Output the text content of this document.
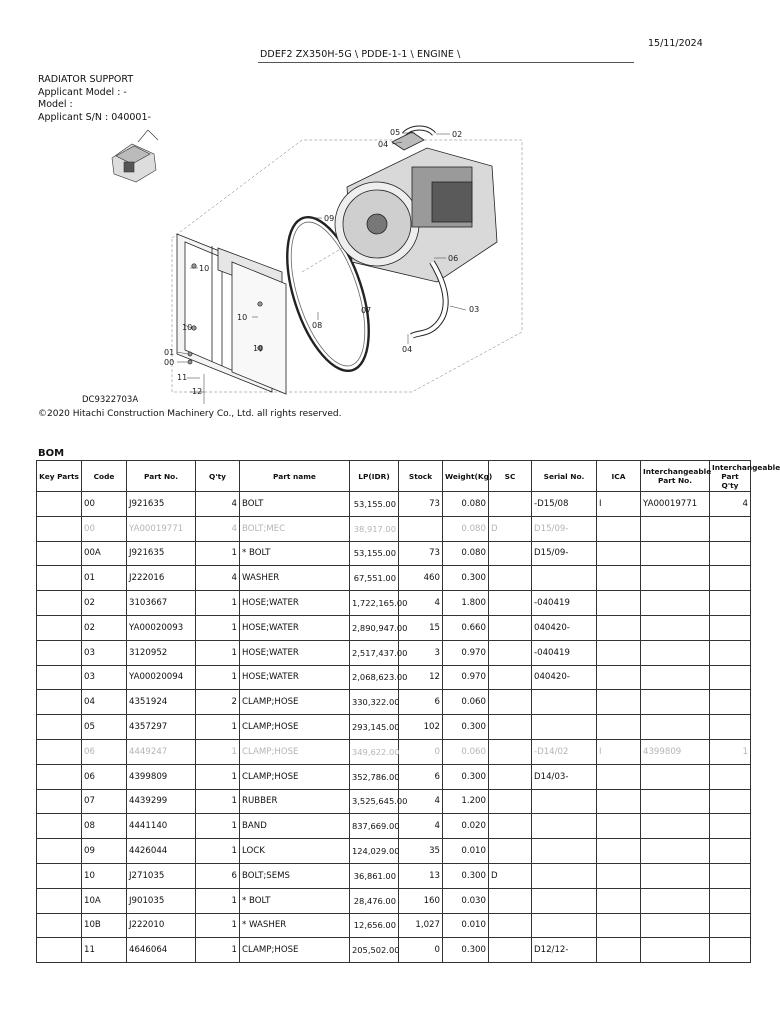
15/11/2024
DDEF2 ZX350H-5G \ PDDE-1-1 \ ENGINE \
RADIATOR SUPPORT
Applicant Model : -
Model :
Applicant S/N : 040001-
05	02
04
09
06
03
04
07
08
10
10
10
10
01
00
11
12
DC9322703A
©2020 Hitachi Construction Machinery Co., Ltd. all rights reserved.
BOM
Key Parts	Code	Part No.	Q'ty	Part name	LP(IDR)	Stock	Weight(Kg)	SC	Serial No.	ICA	Interchangeable Part No.	Interchangeable Part Q'ty
	00	J921635	4	BOLT	53,155.00	73	0.080		-D15/08	I	YA00019771	4
	00	YA00019771	4	BOLT;MEC	38,917.00		0.080	D	D15/09-			
	00A	J921635	1	* BOLT	53,155.00	73	0.080		D15/09-			
	01	J222016	4	WASHER	67,551.00	460	0.300					
	02	3103667	1	HOSE;WATER	1,722,165.00	4	1.800		-040419			
	02	YA00020093	1	HOSE;WATER	2,890,947.00	15	0.660		040420-			
	03	3120952	1	HOSE;WATER	2,517,437.00	3	0.970		-040419			
	03	YA00020094	1	HOSE;WATER	2,068,623.00	12	0.970		040420-			
	04	4351924	2	CLAMP;HOSE	330,322.00	6	0.060					
	05	4357297	1	CLAMP;HOSE	293,145.00	102	0.300					
	06	4449247	1	CLAMP;HOSE	349,622.00	0	0.060		-D14/02	I	4399809	1
	06	4399809	1	CLAMP;HOSE	352,786.00	6	0.300		D14/03-			
	07	4439299	1	RUBBER	3,525,645.00	4	1.200					
	08	4441140	1	BAND	837,669.00	4	0.020					
	09	4426044	1	LOCK	124,029.00	35	0.010					
	10	J271035	6	BOLT;SEMS	36,861.00	13	0.300	D				
	10A	J901035	1	* BOLT	28,476.00	160	0.030					
	10B	J222010	1	* WASHER	12,656.00	1,027	0.010					
	11	4646064	1	CLAMP;HOSE	205,502.00	0	0.300		D12/12-			
